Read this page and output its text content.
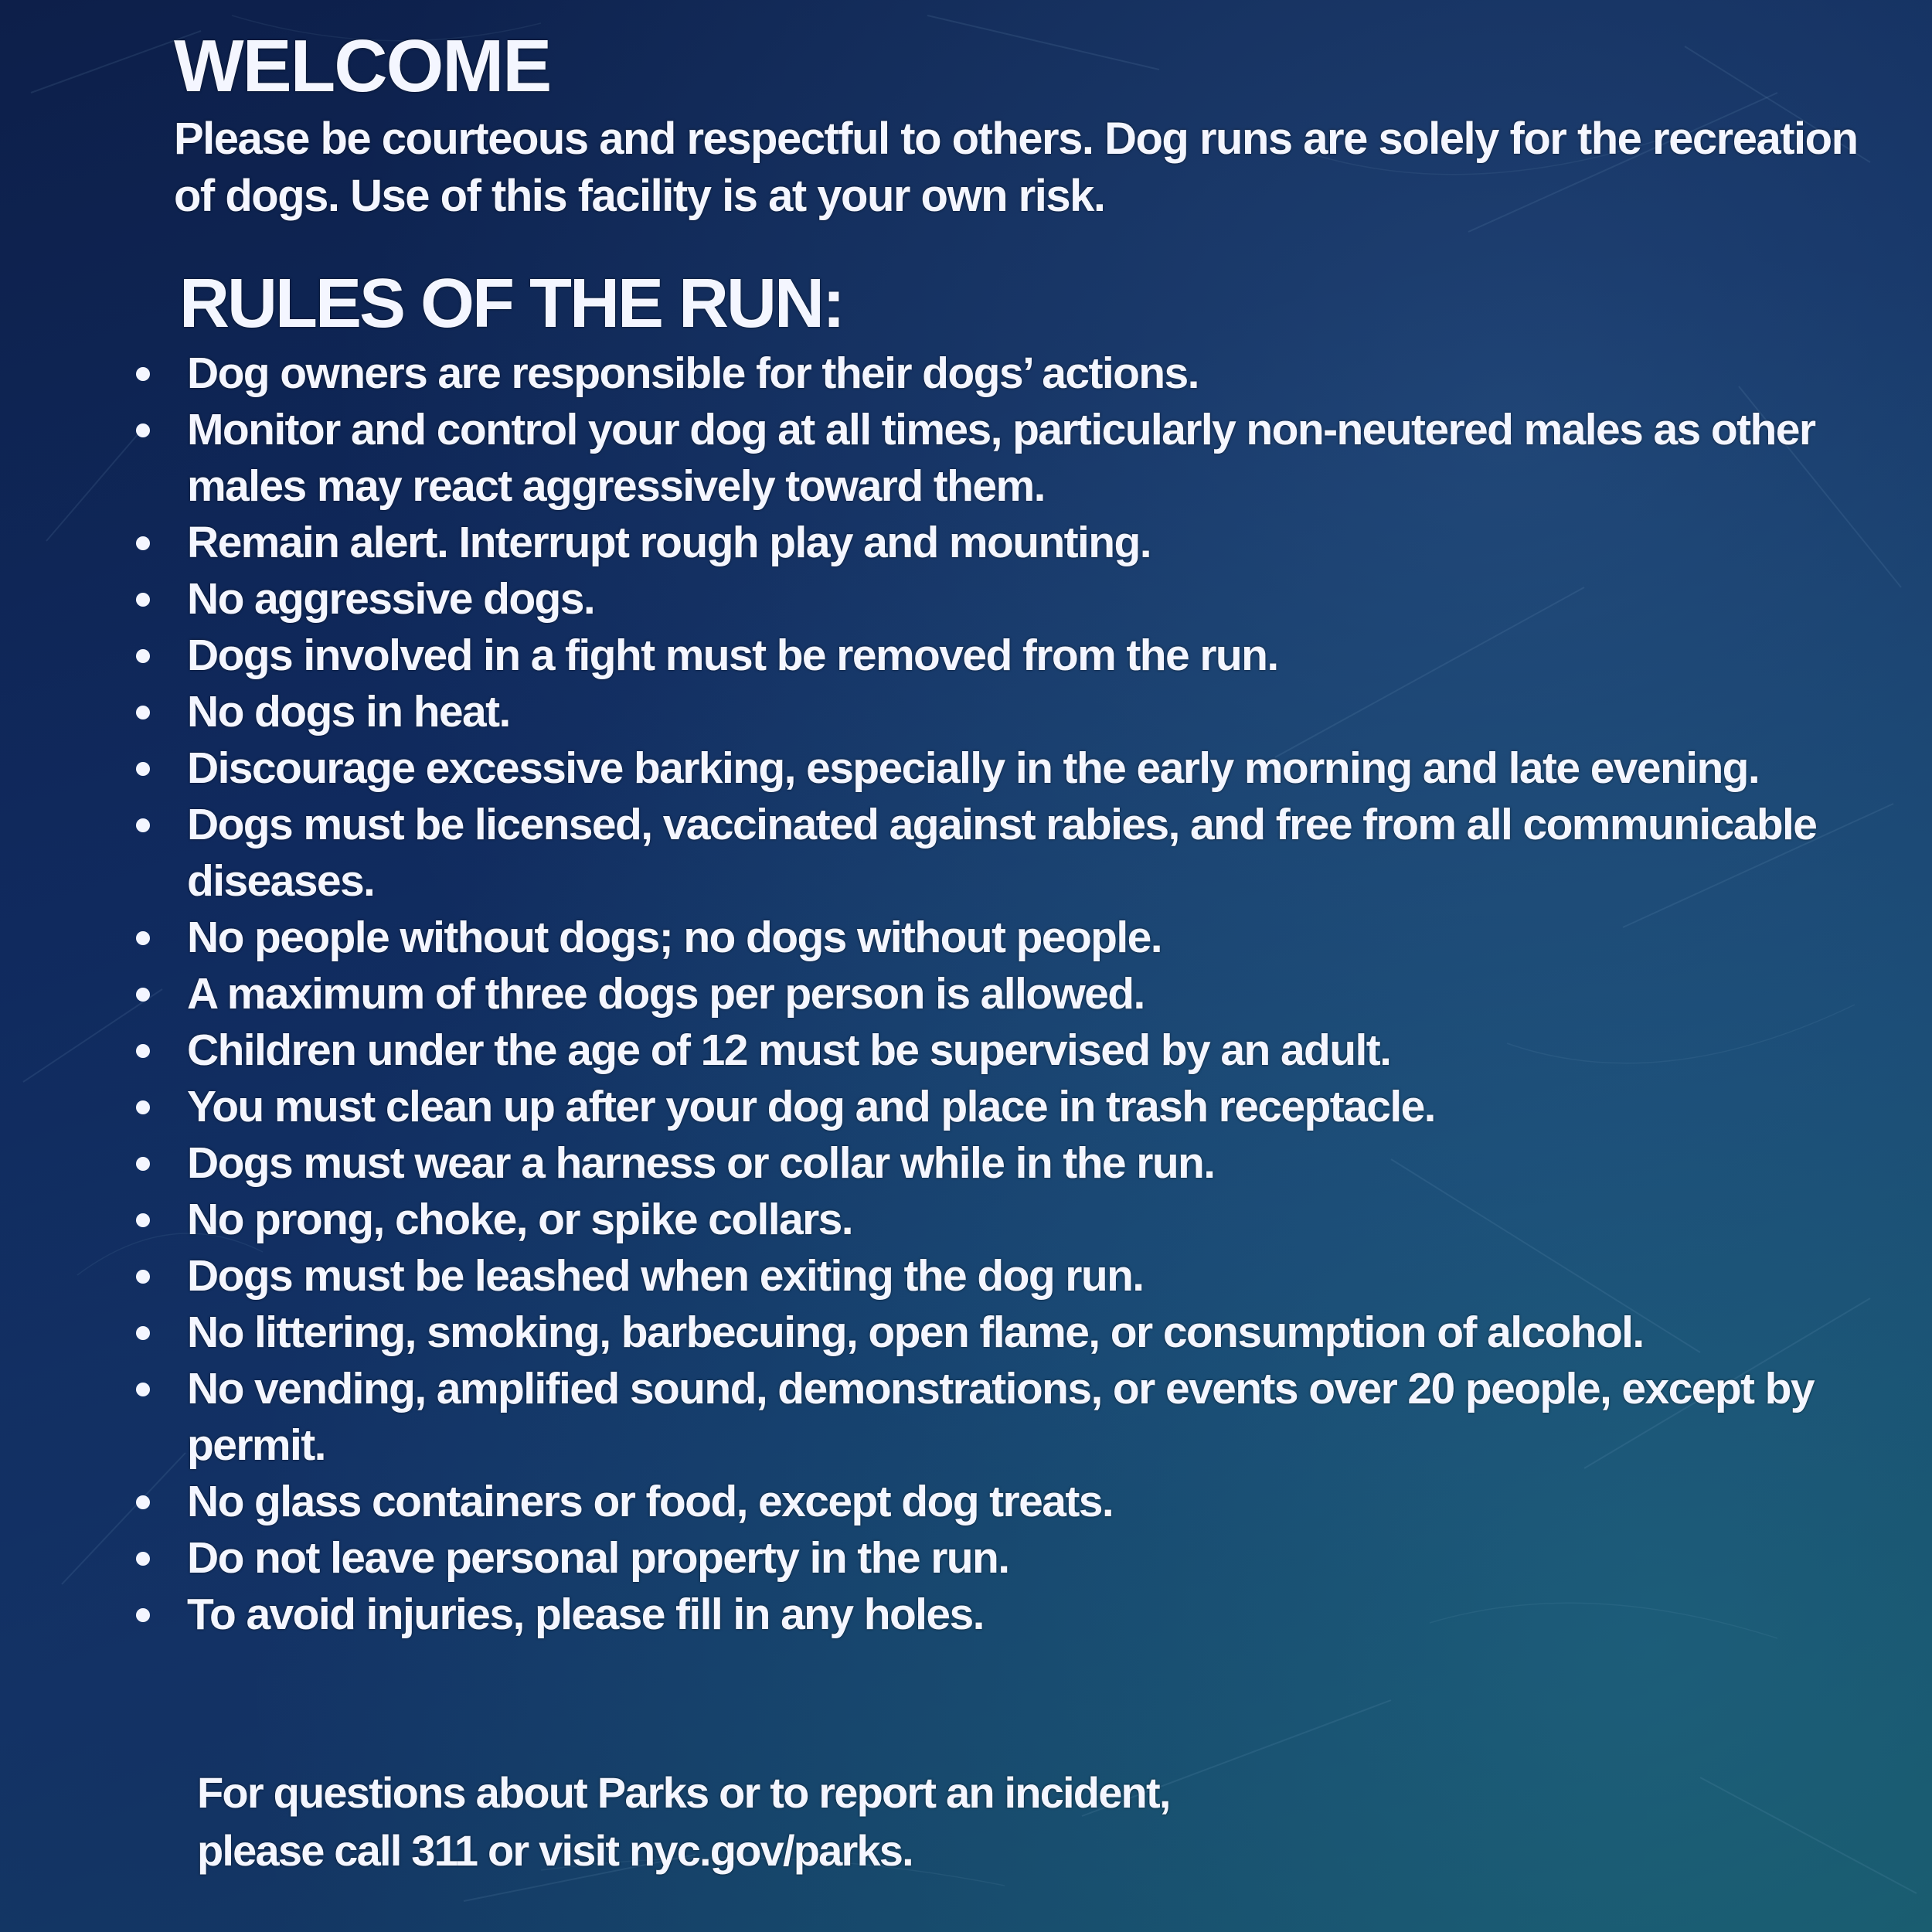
WELCOME
Please be courteous and respectful to others. Dog runs are solely for the recreation of dogs. Use of this facility is at your own risk.
RULES OF THE RUN:
Dog owners are responsible for their dogs’ actions.
Monitor and control your dog at all times, particularly non-neutered males as other males may react aggressively toward them.
Remain alert. Interrupt rough play and mounting.
No aggressive dogs.
Dogs involved in a fight must be removed from the run.
No dogs in heat.
Discourage excessive barking, especially in the early morning and late evening.
Dogs must be licensed, vaccinated against rabies, and free from all communicable diseases.
No people without dogs; no dogs without people.
A maximum of three dogs per person is allowed.
Children under the age of 12 must be supervised by an adult.
You must clean up after your dog and place in trash receptacle.
Dogs must wear a harness or collar while in the run.
No prong, choke, or spike collars.
Dogs must be leashed when exiting the dog run.
No littering, smoking, barbecuing, open flame, or consumption of alcohol.
No vending, amplified sound, demonstrations, or events over 20 people, except by permit.
No glass containers or food, except dog treats.
Do not leave personal property in the run.
To avoid injuries, please fill in any holes.
For questions about Parks or to report an incident,
please call 311 or visit nyc.gov/parks.
